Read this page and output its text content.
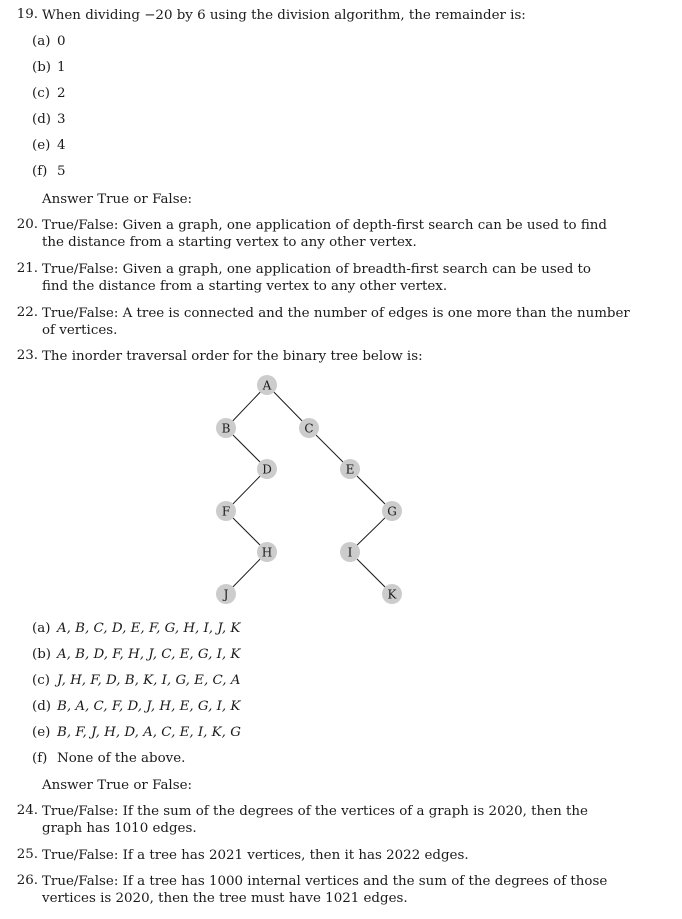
19. When dividing −20 by 6 using the division algorithm, the remainder is:
(a) 0
(b) 1
(c) 2
(d) 3
(e) 4
(f) 5
Answer True or False:
20. True/False: Given a graph, one application of depth-first search can be used to find
the distance from a starting vertex to any other vertex.
21. True/False: Given a graph, one application of breadth-first search can be used to
find the distance from a starting vertex to any other vertex.
22. True/False: A tree is connected and the number of edges is one more than the number
of vertices.
23. The inorder traversal order for the binary tree below is:
A
B	C
D	E
F	G
H	I
J	K
(a) A, B, C, D, E, F, G, H, I, J, K
(b) A, B, D, F, H, J, C, E, G, I, K
(c) J, H, F, D, B, K, I, G, E, C, A
(d) B, A, C, F, D, J, H, E, G, I, K
(e) B, F, J, H, D, A, C, E, I, K, G
(f) None of the above.
Answer True or False:
24. True/False: If the sum of the degrees of the vertices of a graph is 2020, then the
graph has 1010 edges.
25. True/False: If a tree has 2021 vertices, then it has 2022 edges.
26. True/False: If a tree has 1000 internal vertices and the sum of the degrees of those
vertices is 2020, then the tree must have 1021 edges.
